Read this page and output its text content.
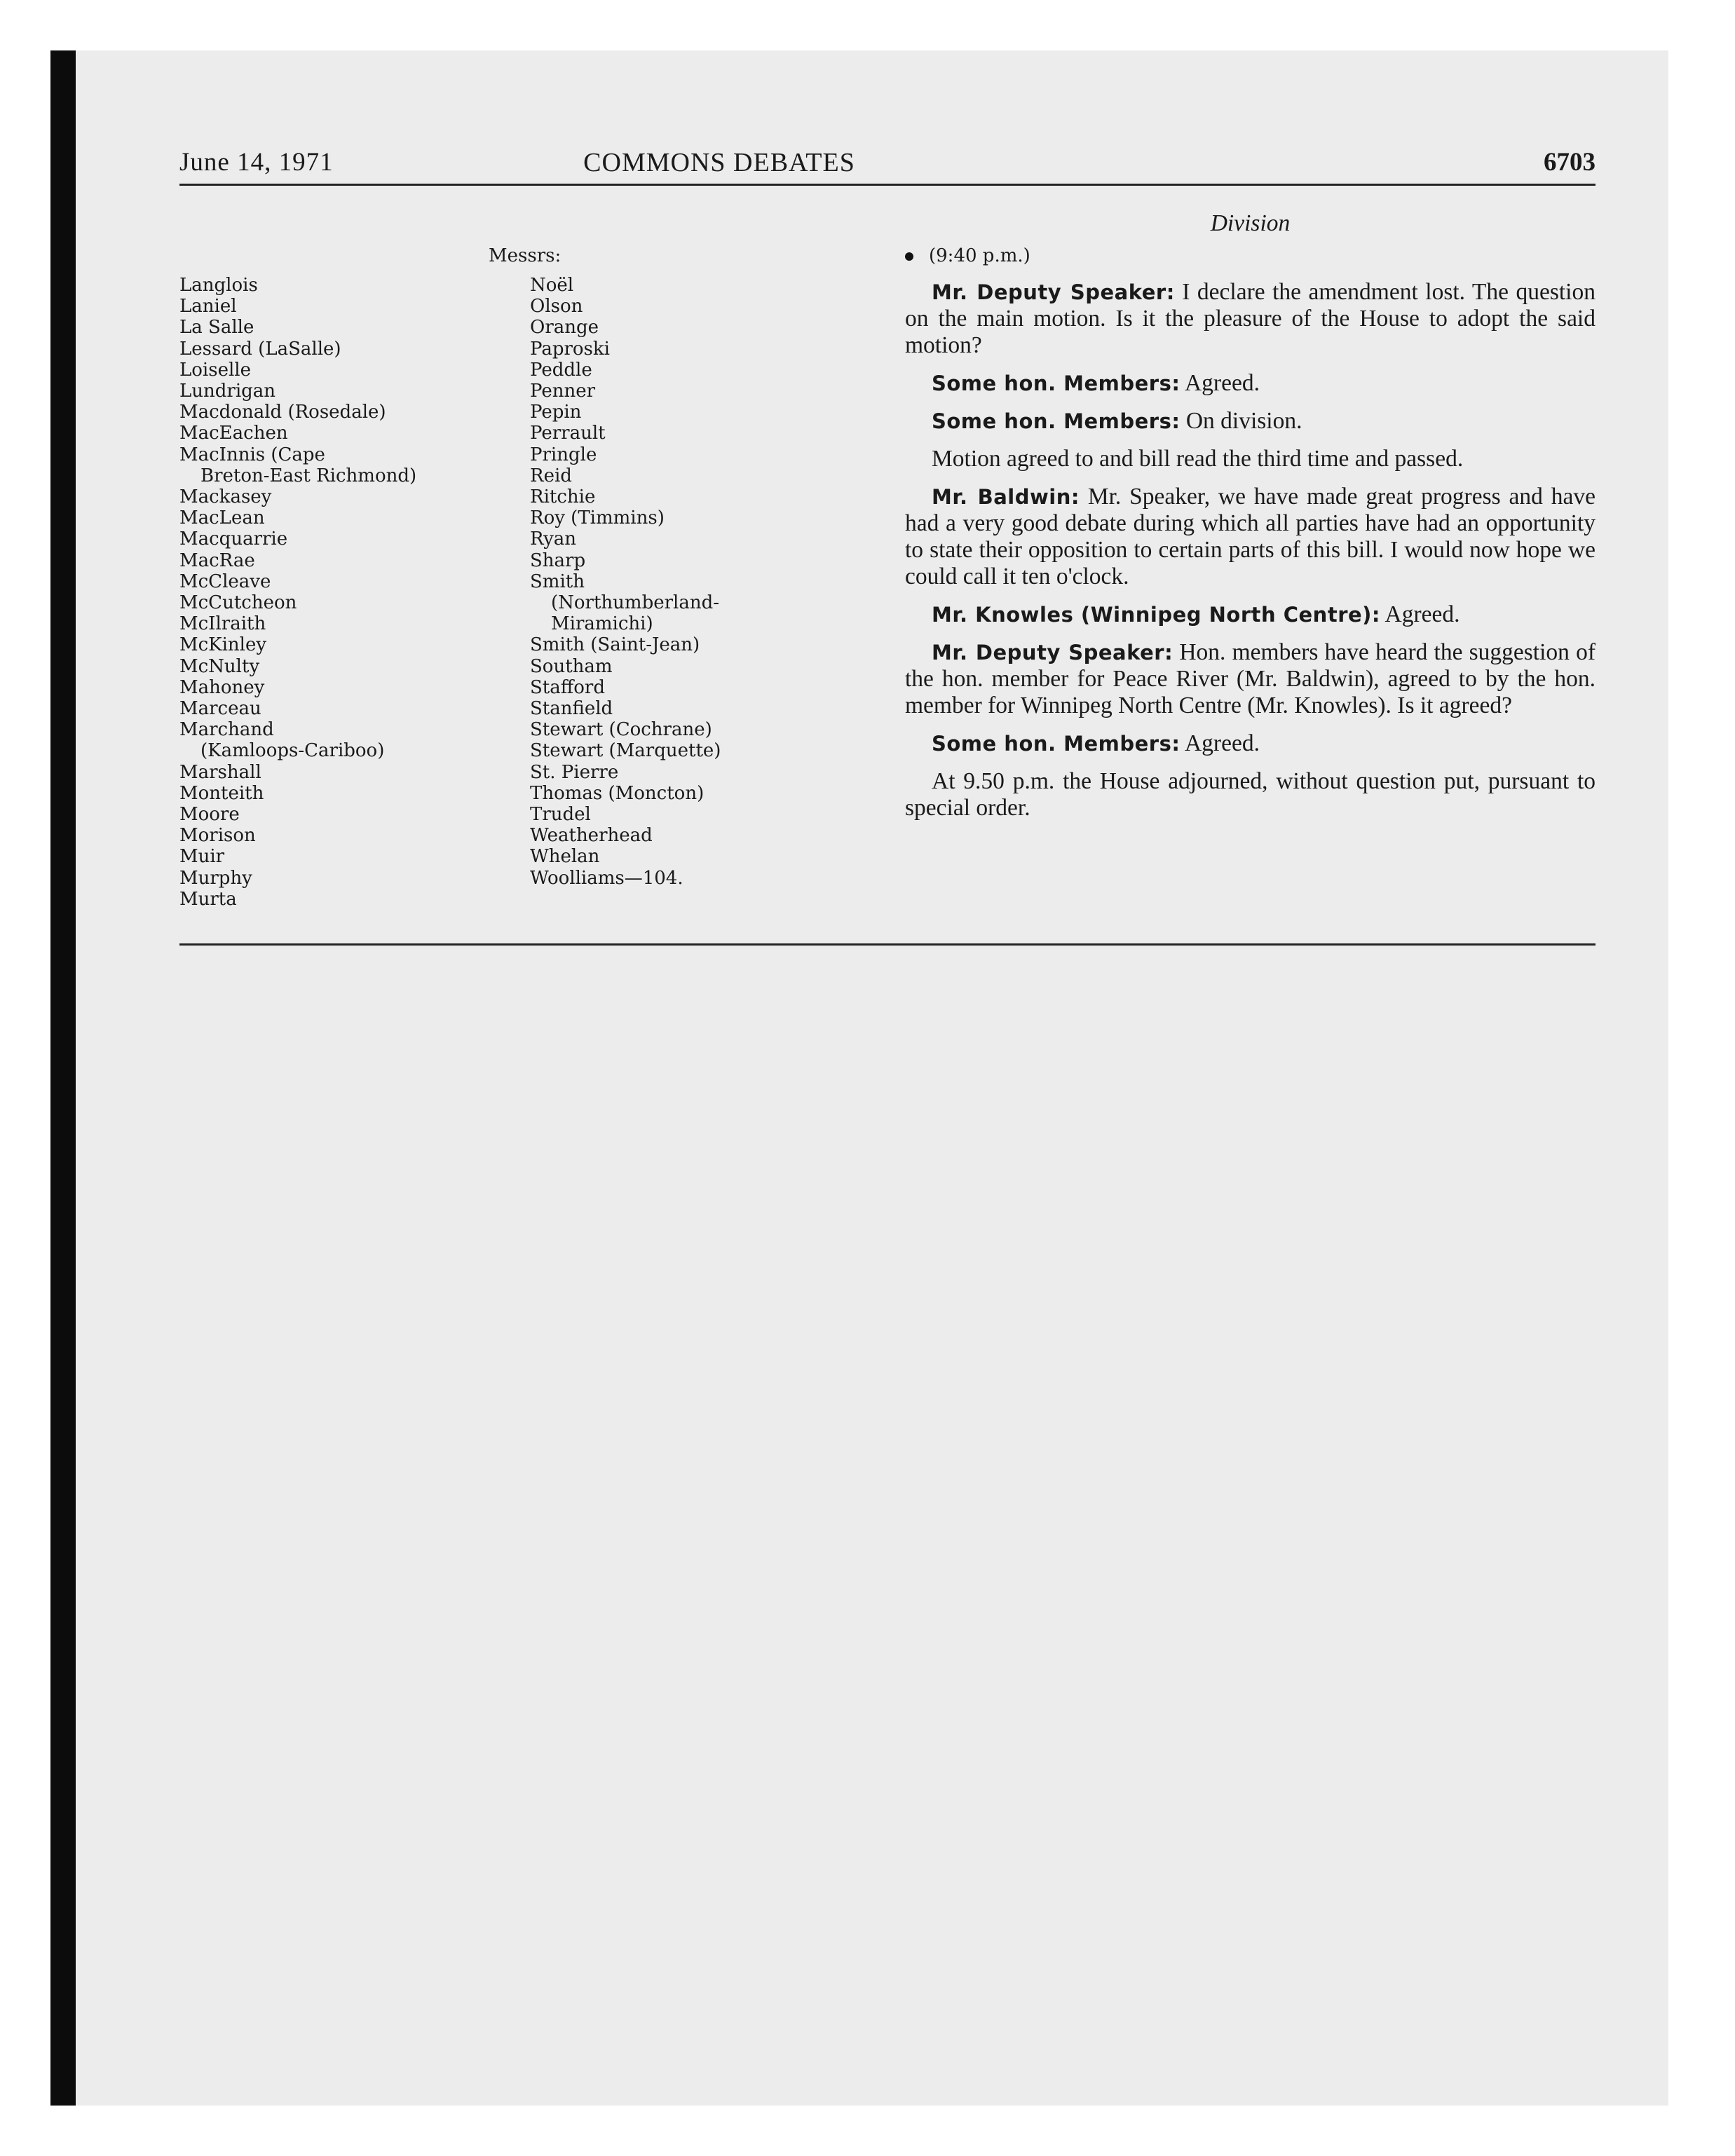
June 14, 1971	COMMONS DEBATES	6703
Messrs:
Langlois
Laniel
La Salle
Lessard (LaSalle)
Loiselle
Lundrigan
Macdonald (Rosedale)
MacEachen
MacInnis (Cape
Breton-East Richmond)
Mackasey
MacLean
Macquarrie
MacRae
McCleave
McCutcheon
McIlraith
McKinley
McNulty
Mahoney
Marceau
Marchand
(Kamloops-Cariboo)
Marshall
Monteith
Moore
Morison
Muir
Murphy
Murta
Noël
Olson
Orange
Paproski
Peddle
Penner
Pepin
Perrault
Pringle
Reid
Ritchie
Roy (Timmins)
Ryan
Sharp
Smith
(Northumberland-
Miramichi)
Smith (Saint-Jean)
Southam
Stafford
Stanfield
Stewart (Cochrane)
Stewart (Marquette)
St. Pierre
Thomas (Moncton)
Trudel
Weatherhead
Whelan
Woolliams—104.
Division
(9:40 p.m.)

Mr. Deputy Speaker: I declare the amendment lost. The question on the main motion. Is it the pleasure of the House to adopt the said motion?

Some hon. Members: Agreed.

Some hon. Members: On division.

Motion agreed to and bill read the third time and passed.

Mr. Baldwin: Mr. Speaker, we have made great progress and have had a very good debate during which all parties have had an opportunity to state their opposition to certain parts of this bill. I would now hope we could call it ten o'clock.

Mr. Knowles (Winnipeg North Centre): Agreed.

Mr. Deputy Speaker: Hon. members have heard the suggestion of the hon. member for Peace River (Mr. Baldwin), agreed to by the hon. member for Winnipeg North Centre (Mr. Knowles). Is it agreed?

Some hon. Members: Agreed.

At 9.50 p.m. the House adjourned, without question put, pursuant to special order.
